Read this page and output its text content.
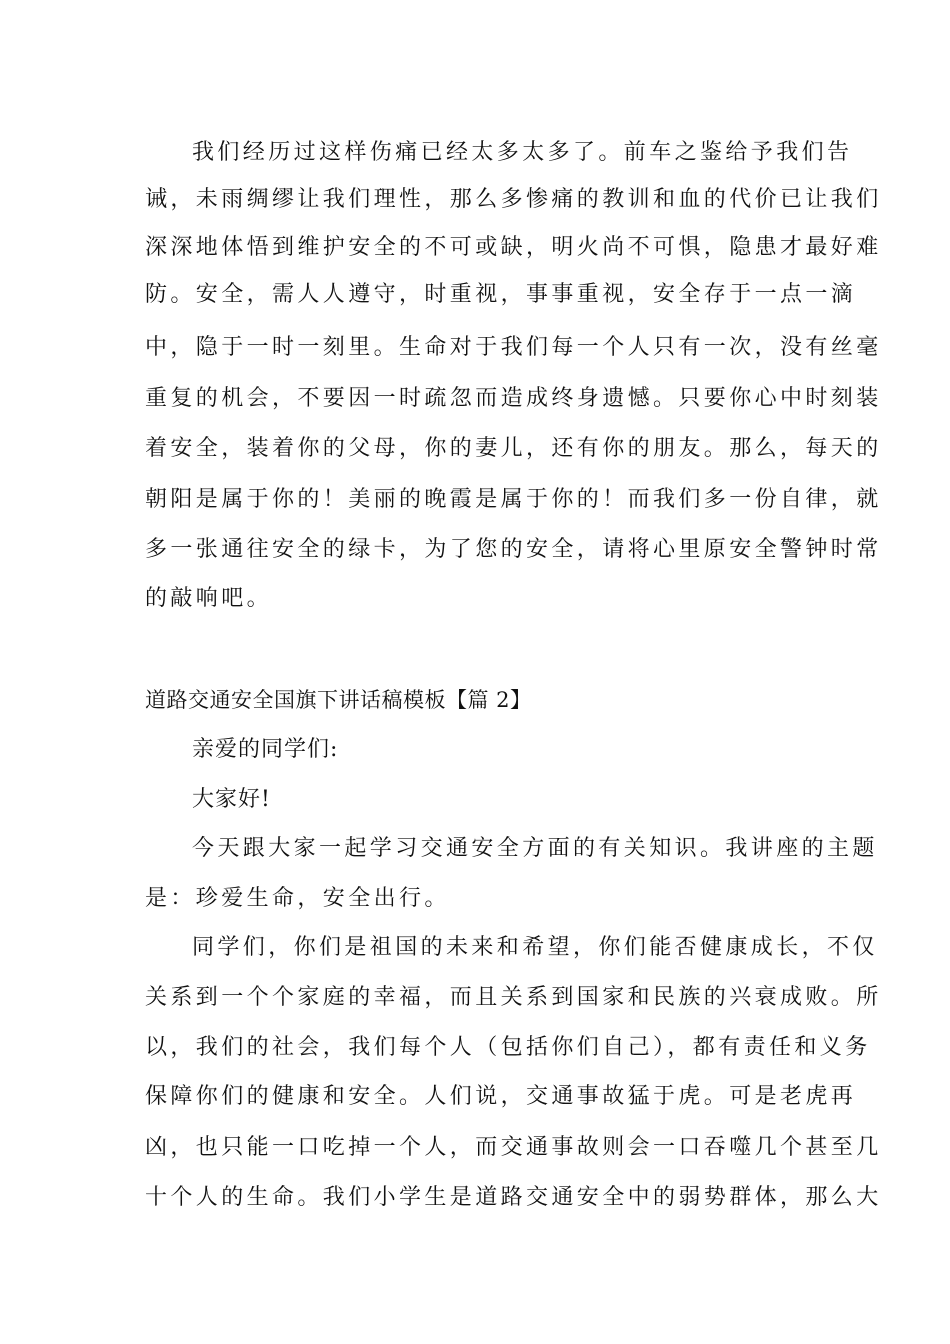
我们经历过这样伤痛已经太多太多了。前车之鉴给予我们告
诫，未雨绸缪让我们理性，那么多惨痛的教训和血的代价已让我们
深深地体悟到维护安全的不可或缺，明火尚不可惧，隐患才最好难
防。安全，需人人遵守，时重视，事事重视，安全存于一点一滴
中，隐于一时一刻里。生命对于我们每一个人只有一次，没有丝毫
重复的机会，不要因一时疏忽而造成终身遗憾。只要你心中时刻装
着安全，装着你的父母，你的妻儿，还有你的朋友。那么，每天的
朝阳是属于你的！美丽的晚霞是属于你的！而我们多一份自律，就
多一张通往安全的绿卡，为了您的安全，请将心里原安全警钟时常
的敲响吧。
道路交通安全国旗下讲话稿模板【篇 2】
亲爱的同学们:
大家好!
今天跟大家一起学习交通安全方面的有关知识。我讲座的主题
是：珍爱生命，安全出行。
同学们，你们是祖国的未来和希望，你们能否健康成长，不仅
关系到一个个家庭的幸福，而且关系到国家和民族的兴衰成败。所
以，我们的社会，我们每个人（包括你们自己），都有责任和义务
保障你们的健康和安全。人们说，交通事故猛于虎。可是老虎再
凶，也只能一口吃掉一个人，而交通事故则会一口吞噬几个甚至几
十个人的生命。我们小学生是道路交通安全中的弱势群体，那么大
